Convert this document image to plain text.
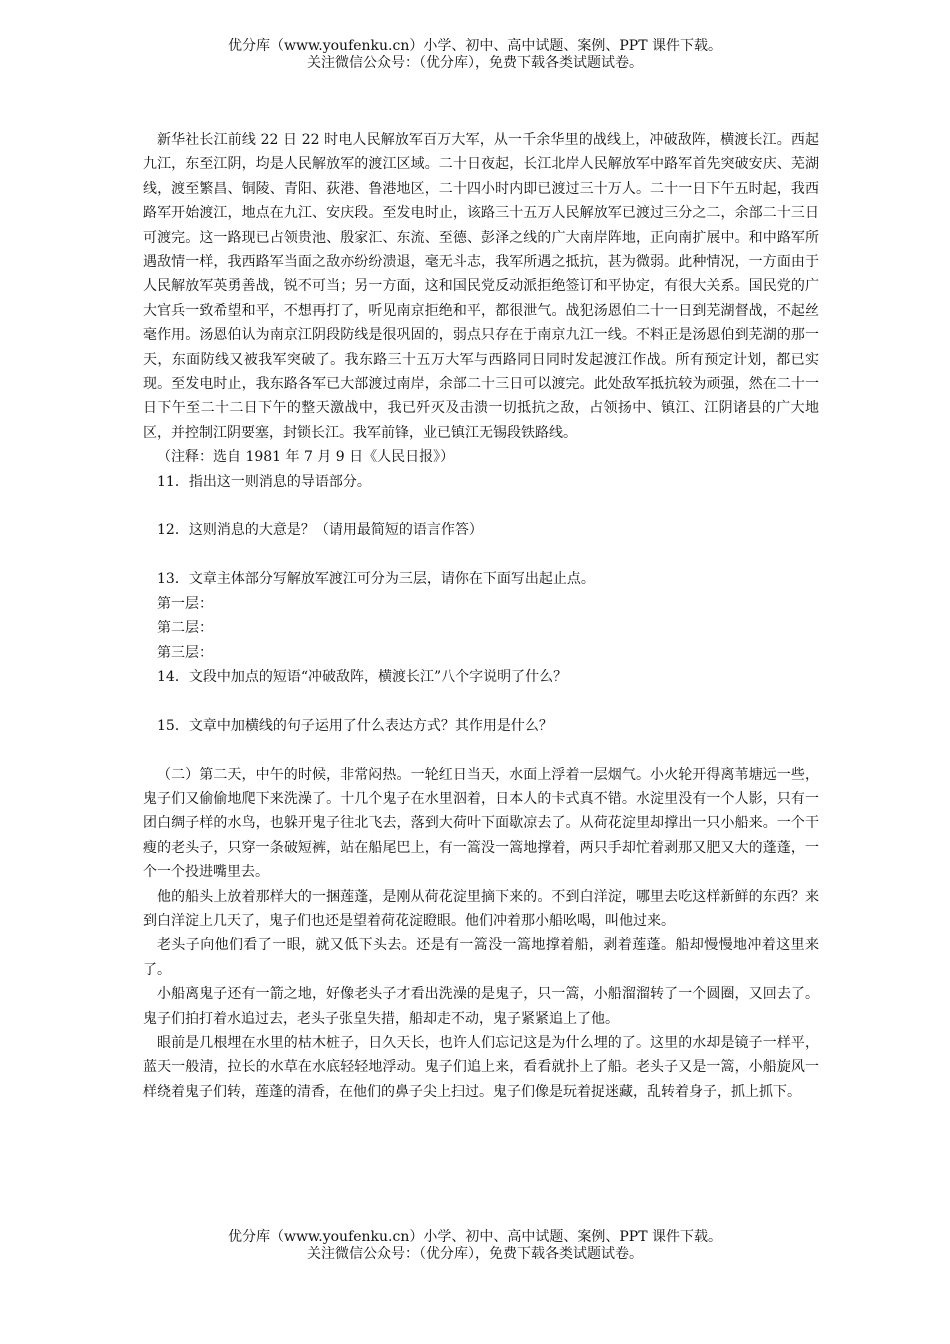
优分库（www.youfenku.cn）小学、初中、高中试题、案例、PPT 课件下载。
关注微信公众号：（优分库），免费下载各类试题试卷。

新华社长江前线 22 日 22 时电人民解放军百万大军，从一千余华里的战线上，冲破敌阵，横渡长江。西起九江，东至江阴，均是人民解放军的渡江区域。二十日夜起，长江北岸人民解放军中路军首先突破安庆、芜湖线，渡至繁昌、铜陵、青阳、荻港、鲁港地区，二十四小时内即已渡过三十万人。二十一日下午五时起，我西路军开始渡江，地点在九江、安庆段。至发电时止，该路三十五万人民解放军已渡过三分之二，余部二十三日可渡完。这一路现已占领贵池、殷家汇、东流、至德、彭泽之线的广大南岸阵地，正向南扩展中。和中路军所遇敌情一样，我西路军当面之敌亦纷纷溃退，毫无斗志，我军所遇之抵抗，甚为微弱。此种情况，一方面由于人民解放军英勇善战，锐不可当；另一方面，这和国民党反动派拒绝签订和平协定，有很大关系。国民党的广大官兵一致希望和平，不想再打了，听见南京拒绝和平，都很泄气。战犯汤恩伯二十一日到芜湖督战，不起丝毫作用。汤恩伯认为南京江阴段防线是很巩固的，弱点只存在于南京九江一线。不料正是汤恩伯到芜湖的那一天，东面防线又被我军突破了。我东路三十五万大军与西路同日同时发起渡江作战。所有预定计划，都已实现。至发电时止，我东路各军已大部渡过南岸，余部二十三日可以渡完。此处敌军抵抗较为顽强，然在二十一日下午至二十二日下午的整天激战中，我已歼灭及击溃一切抵抗之敌，占领扬中、镇江、江阴诸县的广大地区，并控制江阴要塞，封锁长江。我军前锋，业已镇江无锡段铁路线。

（注释：选自 1981 年 7 月 9 日《人民日报》）

11．指出这一则消息的导语部分。

12．这则消息的大意是？（请用最简短的语言作答）

13．文章主体部分写解放军渡江可分为三层，请你在下面写出起止点。

第一层：

第二层：

第三层：

14．文段中加点的短语“冲破敌阵，横渡长江”八个字说明了什么？

15．文章中加横线的句子运用了什么表达方式？其作用是什么？

（二）第二天，中午的时候，非常闷热。一轮红日当天，水面上浮着一层烟气。小火轮开得离苇塘远一些，鬼子们又偷偷地爬下来洗澡了。十几个鬼子在水里泅着，日本人的卡式真不错。水淀里没有一个人影，只有一团白绸子样的水鸟，也躲开鬼子往北飞去，落到大荷叶下面歇凉去了。从荷花淀里却撑出一只小船来。一个干瘦的老头子，只穿一条破短裤，站在船尾巴上，有一篙没一篙地撑着，两只手却忙着剥那又肥又大的蓬蓬，一个一个投进嘴里去。

他的船头上放着那样大的一捆莲蓬，是刚从荷花淀里摘下来的。不到白洋淀，哪里去吃这样新鲜的东西？来到白洋淀上几天了，鬼子们也还是望着荷花淀瞪眼。他们冲着那小船吆喝，叫他过来。

老头子向他们看了一眼，就又低下头去。还是有一篙没一篙地撑着船，剥着莲蓬。船却慢慢地冲着这里来了。

小船离鬼子还有一箭之地，好像老头子才看出洗澡的是鬼子，只一篙，小船溜溜转了一个圆圈，又回去了。鬼子们拍打着水追过去，老头子张皇失措，船却走不动，鬼子紧紧追上了他。

眼前是几根埋在水里的枯木桩子，日久天长，也许人们忘记这是为什么埋的了。这里的水却是镜子一样平，蓝天一般清，拉长的水草在水底轻轻地浮动。鬼子们追上来，看看就扑上了船。老头子又是一篙，小船旋风一样绕着鬼子们转，莲蓬的清香，在他们的鼻子尖上扫过。鬼子们像是玩着捉迷藏，乱转着身子，抓上抓下。

优分库（www.youfenku.cn）小学、初中、高中试题、案例、PPT 课件下载。
关注微信公众号：（优分库），免费下载各类试题试卷。
